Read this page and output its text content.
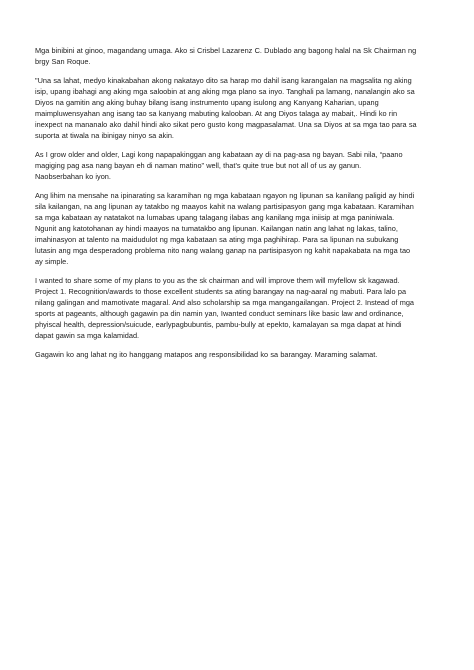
Mga binibini at ginoo, magandang umaga. Ako si Crisbel Lazarenz C. Dublado ang bagong halal na Sk Chairman ng
brgy San Roque.

"Una sa lahat, medyo kinakabahan akong nakatayo dito sa harap mo dahil isang karangalan na magsalita ng aking
isip, upang ibahagi ang aking mga saloobin at ang aking mga plano sa inyo. Tanghali pa lamang, nanalangin ako sa
Diyos na gamitin ang aking buhay bilang isang instrumento upang isulong ang Kanyang Kaharian, upang
maimpluwensyahan ang isang tao sa kanyang mabuting kalooban. At ang Diyos talaga ay mabait,. Hindi ko rin
inexpect na mananalo ako dahil hindi ako sikat pero gusto kong magpasalamat. Una sa Diyos at sa mga tao para sa
suporta at tiwala na ibinigay ninyo sa akin.

As I grow older and older, Lagi kong napapakinggan ang kabataan ay di na pag-asa ng bayan. Sabi nila, “paano
magiging pag asa nang bayan eh di naman matino” well, that’s quite true but not all of us ay ganun.
Naobserbahan ko iyon.

Ang lihim na mensahe na ipinarating sa karamihan ng mga kabataan ngayon ng lipunan sa kanilang paligid ay hindi
sila kailangan, na ang lipunan ay tatakbo ng maayos kahit na walang partisipasyon gang mga kabataan. Karamihan
sa mga kabataan ay natatakot na lumabas upang talagang ilabas ang kanilang mga iniisip at mga paniniwala.
Ngunit ang katotohanan ay hindi maayos na tumatakbo ang lipunan. Kailangan natin ang lahat ng lakas, talino,
imahinasyon at talento na maidudulot ng mga kabataan sa ating mga paghihirap. Para sa lipunan na subukang
lutasin ang mga desperadong problema nito nang walang ganap na partisipasyon ng kahit napakabata na mga tao
ay simple.

I wanted to share some of my plans to you as the sk chairman and will improve them will myfellow sk kagawad.
Project 1. Recognition/awards to those excellent students sa ating barangay na nag-aaral ng mabuti. Para lalo pa
nilang galingan and mamotivate magaral. And also scholarship sa mga mangangailangan. Project 2. Instead of mga
sports at pageants, although gagawin pa din namin yan, Iwanted conduct seminars like basic law and ordinance,
phyiscal health, depression/suicude, earlypagbubuntis, pambu-bully at epekto, kamalayan sa mga dapat at hindi
dapat gawin sa mga kalamidad.

Gagawin ko ang lahat ng ito hanggang matapos ang responsibilidad ko sa barangay. Maraming salamat.
